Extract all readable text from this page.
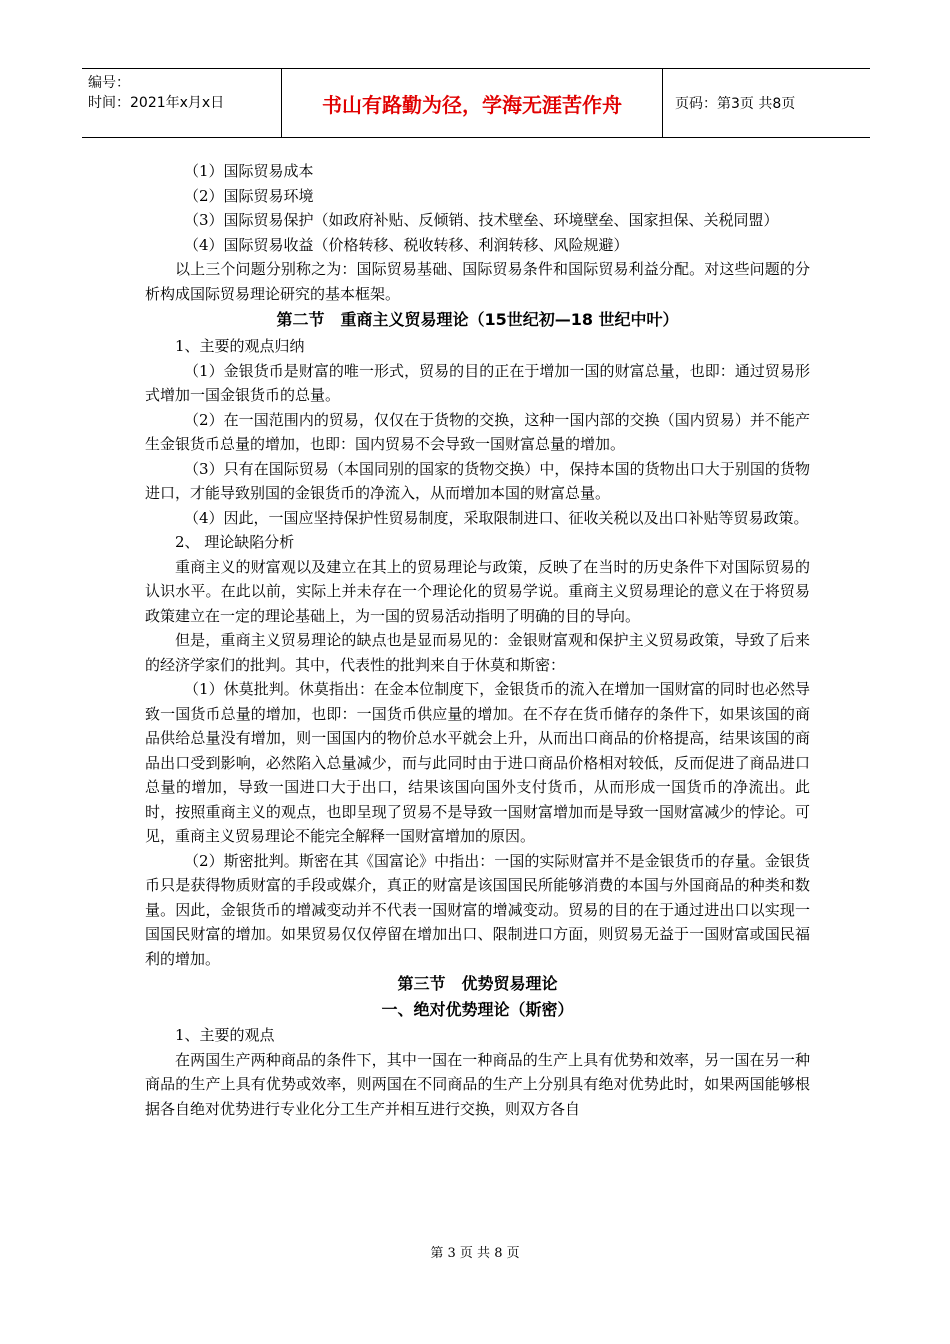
编号：
时间：2021年x月x日	书山有路勤为径，学海无涯苦作舟	页码：第3页 共8页

（1）国际贸易成本

（2）国际贸易环境

（3）国际贸易保护（如政府补贴、反倾销、技术壁垒、环境壁垒、国家担保、关税同盟）

（4）国际贸易收益（价格转移、税收转移、利润转移、风险规避）

以上三个问题分别称之为：国际贸易基础、国际贸易条件和国际贸易利益分配。对这些问题的分析构成国际贸易理论研究的基本框架。

第二节　重商主义贸易理论（15世纪初—18 世纪中叶）

1、主要的观点归纳

（1）金银货币是财富的唯一形式，贸易的目的正在于增加一国的财富总量，也即：通过贸易形式增加一国金银货币的总量。

（2）在一国范围内的贸易，仅仅在于货物的交换，这种一国内部的交换（国内贸易）并不能产生金银货币总量的增加，也即：国内贸易不会导致一国财富总量的增加。

（3）只有在国际贸易（本国同别的国家的货物交换）中，保持本国的货物出口大于别国的货物进口，才能导致别国的金银货币的净流入，从而增加本国的财富总量。

（4）因此，一国应坚持保护性贸易制度，采取限制进口、征收关税以及出口补贴等贸易政策。

2、 理论缺陷分析

重商主义的财富观以及建立在其上的贸易理论与政策，反映了在当时的历史条件下对国际贸易的认识水平。在此以前，实际上并未存在一个理论化的贸易学说。重商主义贸易理论的意义在于将贸易政策建立在一定的理论基础上，为一国的贸易活动指明了明确的目的导向。

但是，重商主义贸易理论的缺点也是显而易见的：金银财富观和保护主义贸易政策，导致了后来的经济学家们的批判。其中，代表性的批判来自于休莫和斯密：

（1）休莫批判。休莫指出：在金本位制度下，金银货币的流入在增加一国财富的同时也必然导致一国货币总量的增加，也即：一国货币供应量的增加。在不存在货币储存的条件下，如果该国的商品供给总量没有增加，则一国国内的物价总水平就会上升，从而出口商品的价格提高，结果该国的商品出口受到影响，必然陷入总量减少，而与此同时由于进口商品价格相对较低，反而促进了商品进口总量的增加，导致一国进口大于出口，结果该国向国外支付货币，从而形成一国货币的净流出。此时，按照重商主义的观点，也即呈现了贸易不是导致一国财富增加而是导致一国财富减少的悖论。可见，重商主义贸易理论不能完全解释一国财富增加的原因。

（2）斯密批判。斯密在其《国富论》中指出：一国的实际财富并不是金银货币的存量。金银货币只是获得物质财富的手段或媒介，真正的财富是该国国民所能够消费的本国与外国商品的种类和数量。因此，金银货币的增减变动并不代表一国财富的增减变动。贸易的目的在于通过进出口以实现一国国民财富的增加。如果贸易仅仅停留在增加出口、限制进口方面，则贸易无益于一国财富或国民福利的增加。

第三节　优势贸易理论

一、绝对优势理论（斯密）

1、主要的观点

在两国生产两种商品的条件下，其中一国在一种商品的生产上具有优势和效率，另一国在另一种商品的生产上具有优势或效率，则两国在不同商品的生产上分别具有绝对优势此时，如果两国能够根据各自绝对优势进行专业化分工生产并相互进行交换，则双方各自

第 3 页 共 8 页
